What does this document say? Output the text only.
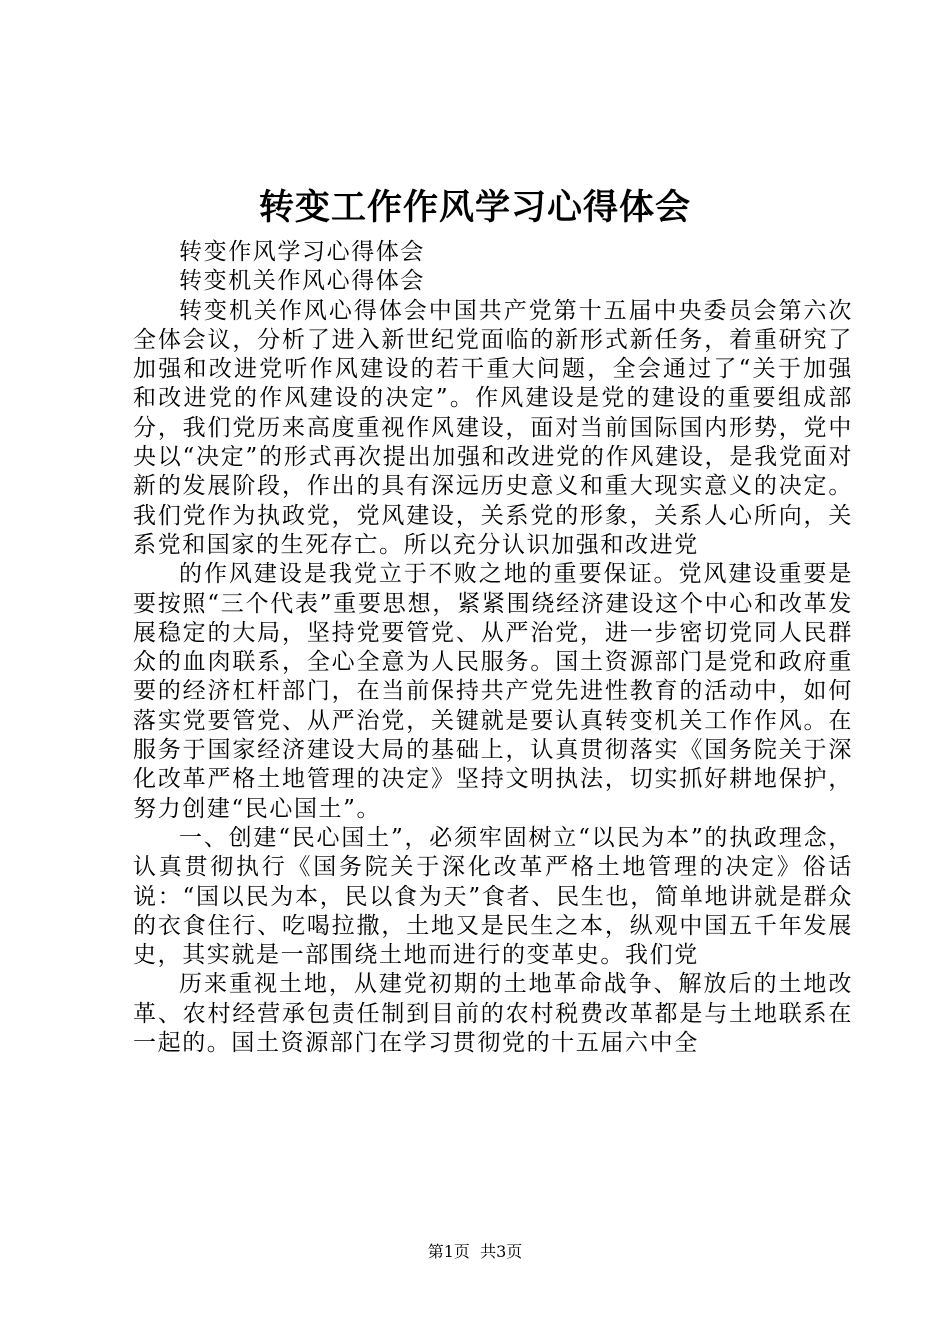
转变工作作风学习心得体会

转变作风学习心得体会

转变机关作风心得体会

转变机关作风心得体会中国共产党第十五届中央委员会第六次全体会议，分析了进入新世纪党面临的新形式新任务，着重研究了加强和改进党听作风建设的若干重大问题，全会通过了“关于加强和改进党的作风建设的决定”。作风建设是党的建设的重要组成部分，我们党历来高度重视作风建设，面对当前国际国内形势，党中央以“决定”的形式再次提出加强和改进党的作风建设，是我党面对新的发展阶段，作出的具有深远历史意义和重大现实意义的决定。我们党作为执政党，党风建设，关系党的形象，关系人心所向，关系党和国家的生死存亡。所以充分认识加强和改进党

的作风建设是我党立于不败之地的重要保证。党风建设重要是要按照“三个代表”重要思想，紧紧围绕经济建设这个中心和改革发展稳定的大局，坚持党要管党、从严治党，进一步密切党同人民群众的血肉联系，全心全意为人民服务。国土资源部门是党和政府重要的经济杠杆部门，在当前保持共产党先进性教育的活动中，如何落实党要管党、从严治党，关键就是要认真转变机关工作作风。在服务于国家经济建设大局的基础上，认真贯彻落实《国务院关于深化改革严格土地管理的决定》坚持文明执法，切实抓好耕地保护，努力创建“民心国土”。

一、创建“民心国土”，必须牢固树立“以民为本”的执政理念，认真贯彻执行《国务院关于深化改革严格土地管理的决定》俗话说：“国以民为本，民以食为天”食者、民生也，简单地讲就是群众的衣食住行、吃喝拉撒，土地又是民生之本，纵观中国五千年发展史，其实就是一部围绕土地而进行的变革史。我们党

历来重视土地，从建党初期的土地革命战争、解放后的土地改革、农村经营承包责任制到目前的农村税费改革都是与土地联系在一起的。国土资源部门在学习贯彻党的十五届六中全

第1页 共3页
